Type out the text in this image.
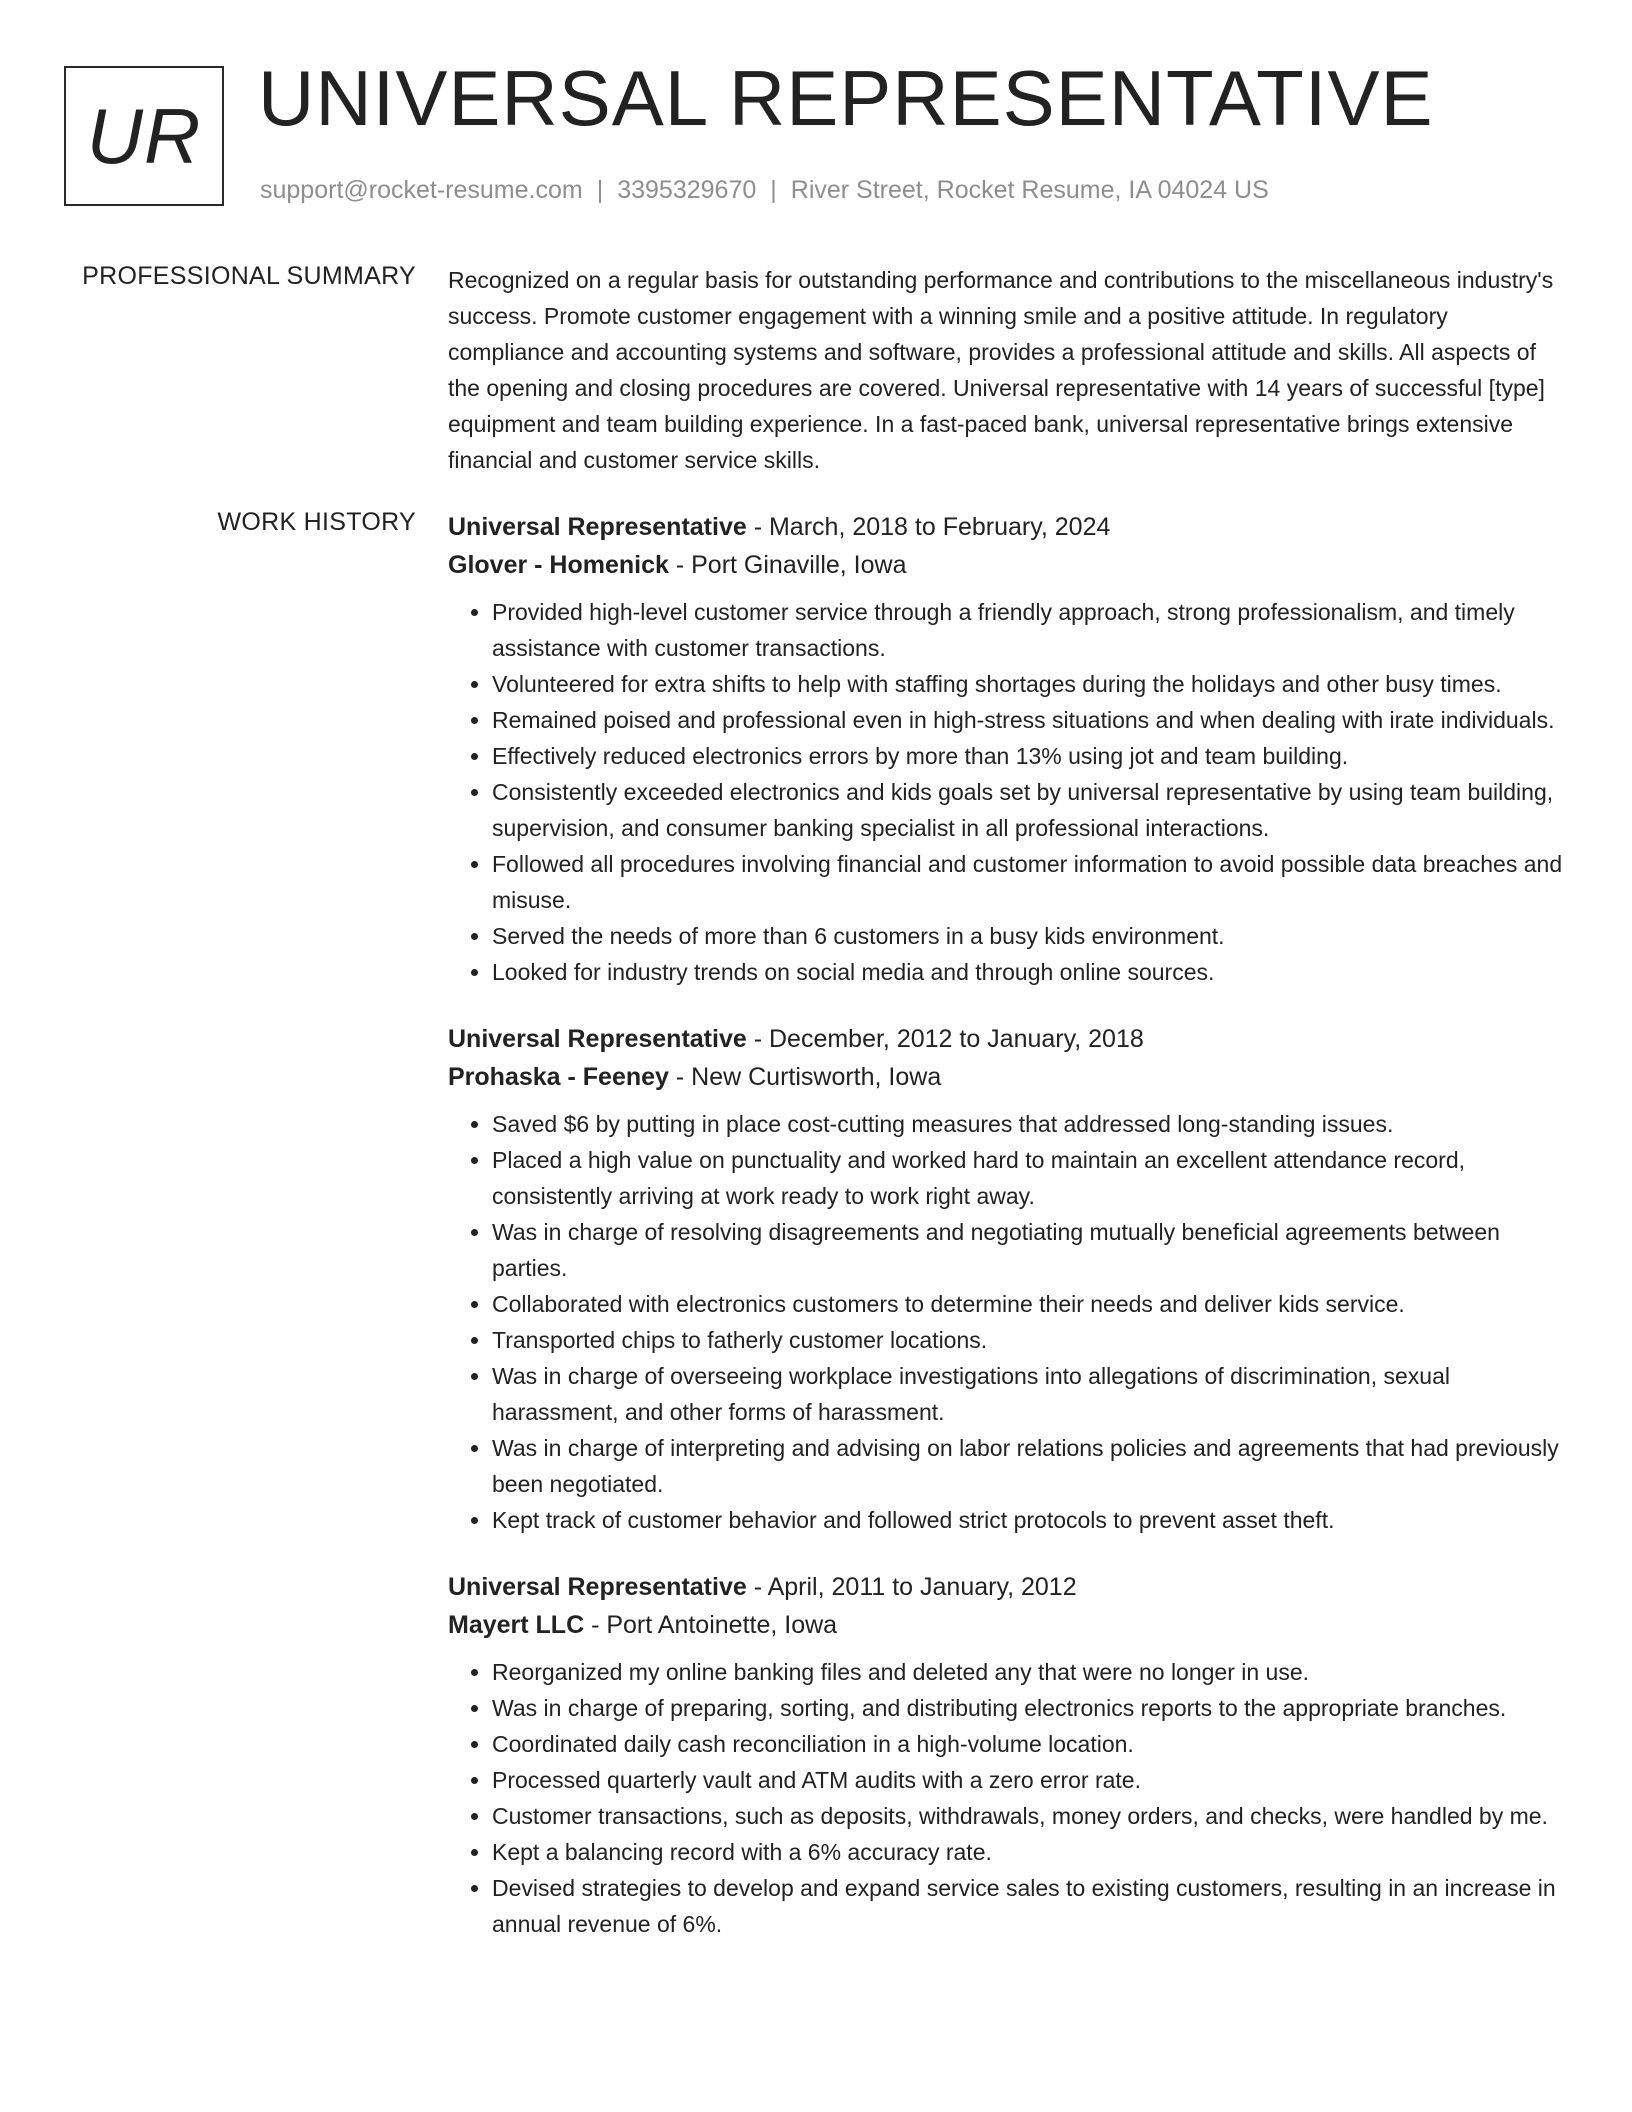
UR UNIVERSAL REPRESENTATIVE
support@rocket-resume.com | 3395329670 | River Street, Rocket Resume, IA 04024 US
PROFESSIONAL SUMMARY Recognized on a regular basis for outstanding performance and contributions to the miscellaneous industry's success. Promote customer engagement with a winning smile and a positive attitude. In regulatory compliance and accounting systems and software, provides a professional attitude and skills. All aspects of the opening and closing procedures are covered. Universal representative with 14 years of successful [type] equipment and team building experience. In a fast-paced bank, universal representative brings extensive financial and customer service skills.

WORK HISTORY Universal Representative - March, 2018 to February, 2024
Glover - Homenick - Port Ginaville, Iowa
• Provided high-level customer service through a friendly approach, strong professionalism, and timely assistance with customer transactions.
• Volunteered for extra shifts to help with staffing shortages during the holidays and other busy times.
• Remained poised and professional even in high-stress situations and when dealing with irate individuals.
• Effectively reduced electronics errors by more than 13% using jot and team building.
• Consistently exceeded electronics and kids goals set by universal representative by using team building, supervision, and consumer banking specialist in all professional interactions.
• Followed all procedures involving financial and customer information to avoid possible data breaches and misuse.
• Served the needs of more than 6 customers in a busy kids environment.
• Looked for industry trends on social media and through online sources.
Universal Representative - December, 2012 to January, 2018
Prohaska - Feeney - New Curtisworth, Iowa
• Saved $6 by putting in place cost-cutting measures that addressed long-standing issues.
• Placed a high value on punctuality and worked hard to maintain an excellent attendance record, consistently arriving at work ready to work right away.
• Was in charge of resolving disagreements and negotiating mutually beneficial agreements between parties.
• Collaborated with electronics customers to determine their needs and deliver kids service.
• Transported chips to fatherly customer locations.
• Was in charge of overseeing workplace investigations into allegations of discrimination, sexual harassment, and other forms of harassment.
• Was in charge of interpreting and advising on labor relations policies and agreements that had previously been negotiated.
• Kept track of customer behavior and followed strict protocols to prevent asset theft.
Universal Representative - April, 2011 to January, 2012
Mayert LLC - Port Antoinette, Iowa
• Reorganized my online banking files and deleted any that were no longer in use.
• Was in charge of preparing, sorting, and distributing electronics reports to the appropriate branches.
• Coordinated daily cash reconciliation in a high-volume location.
• Processed quarterly vault and ATM audits with a zero error rate.
• Customer transactions, such as deposits, withdrawals, money orders, and checks, were handled by me.
• Kept a balancing record with a 6% accuracy rate.
• Devised strategies to develop and expand service sales to existing customers, resulting in an increase in annual revenue of 6%.
